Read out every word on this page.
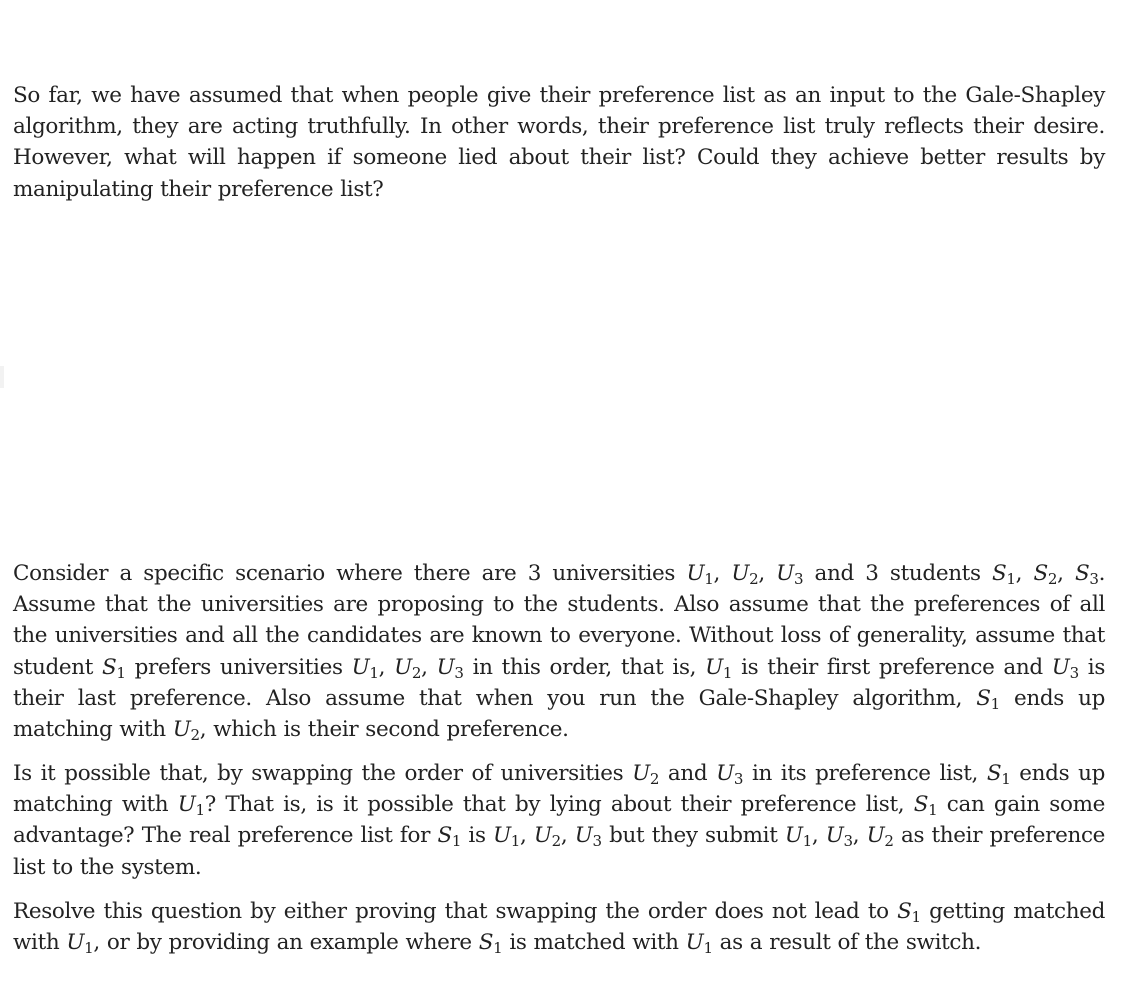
So far, we have assumed that when people give their preference list as an input to the Gale-Shapley algorithm, they are acting truthfully. In other words, their preference list truly reflects their desire. However, what will happen if someone lied about their list? Could they achieve better results by manipulating their preference list?

Consider a specific scenario where there are 3 universities $U_1$, $U_2$, $U_3$ and 3 students $S_1$, $S_2$, $S_3$. Assume that the universities are proposing to the students. Also assume that the preferences of all the universities and all the candidates are known to everyone. Without loss of generality, assume that student $S_1$ prefers universities $U_1$, $U_2$, $U_3$ in this order, that is, $U_1$ is their first preference and $U_3$ is their last preference. Also assume that when you run the Gale-Shapley algorithm, $S_1$ ends up matching with $U_2$, which is their second preference.

Is it possible that, by swapping the order of universities $U_2$ and $U_3$ in its preference list, $S_1$ ends up matching with $U_1$? That is, is it possible that by lying about their preference list, $S_1$ can gain some advantage? The real preference list for $S_1$ is $U_1$, $U_2$, $U_3$ but they submit $U_1$, $U_3$, $U_2$ as their preference list to the system.

Resolve this question by either proving that swapping the order does not lead to $S_1$ getting matched with $U_1$, or by providing an example where $S_1$ is matched with $U_1$ as a result of the switch.
